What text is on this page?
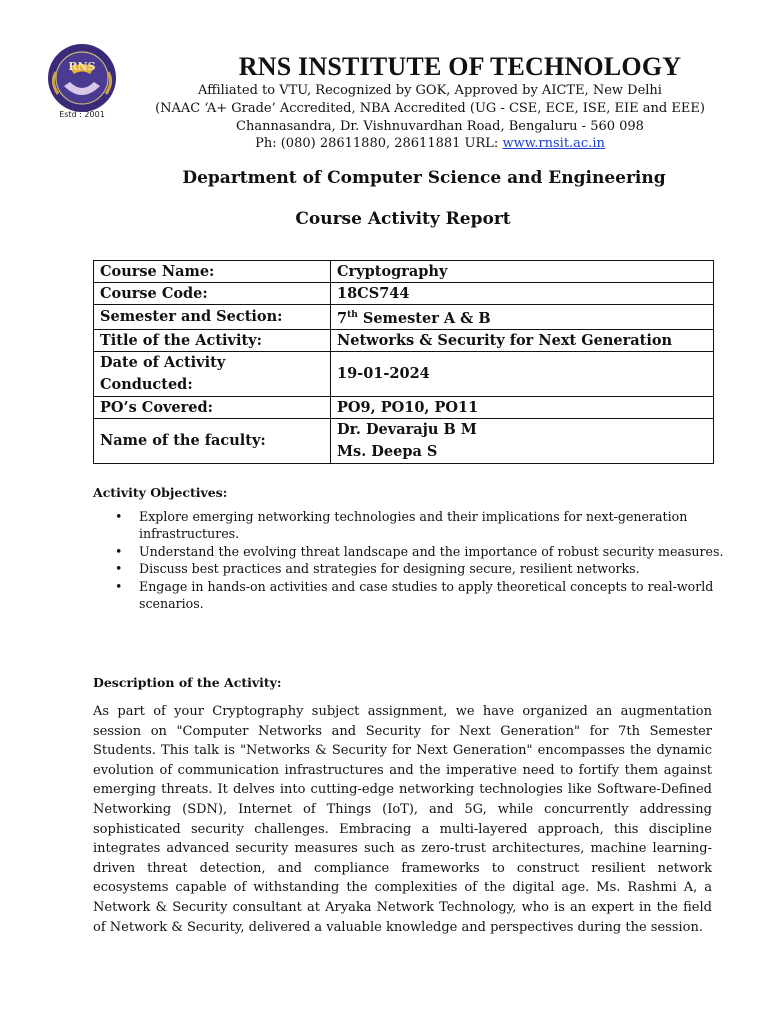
RNS
Estd : 2001
RNS INSTITUTE OF TECHNOLOGY
Affiliated to VTU, Recognized by GOK, Approved by AICTE, New Delhi
(NAAC ‘A+ Grade’ Accredited, NBA Accredited (UG - CSE, ECE, ISE, EIE and EEE)
Channasandra, Dr. Vishnuvardhan Road, Bengaluru - 560 098
Ph: (080) 28611880, 28611881 URL: www.rnsit.ac.in
Department of Computer Science and Engineering
Course Activity Report
Course Name:	Cryptography
Course Code:	18CS744
Semester and Section:	7th Semester A & B
Title of the Activity:	Networks & Security for Next Generation

Date of Activity
Conducted:	19-01-2024
PO’s Covered:	PO9, PO10, PO11
Name of the faculty:	Dr. Devaraju B M
Ms. Deepa S
Activity Objectives:
• Explore emerging networking technologies and their implications for next-generation infrastructures.
• Understand the evolving threat landscape and the importance of robust security measures.
• Discuss best practices and strategies for designing secure, resilient networks.
• Engage in hands-on activities and case studies to apply theoretical concepts to real-world scenarios.
Description of the Activity:

As part of your Cryptography subject assignment, we have organized an augmentation session on "Computer Networks and Security for Next Generation" for 7th Semester Students. This talk is "Networks & Security for Next Generation" encompasses the dynamic evolution of communication infrastructures and the imperative need to fortify them against emerging threats. It delves into cutting-edge networking technologies like Software-Defined Networking (SDN), Internet of Things (IoT), and 5G, while concurrently addressing sophisticated security challenges. Embracing a multi-layered approach, this discipline integrates advanced security measures such as zero-trust architectures, machine learning-driven threat detection, and compliance frameworks to construct resilient network ecosystems capable of withstanding the complexities of the digital age. Ms. Rashmi A, a Network & Security consultant at Aryaka Network Technology, who is an expert in the field of Network & Security, delivered a valuable knowledge and perspectives during the session.
